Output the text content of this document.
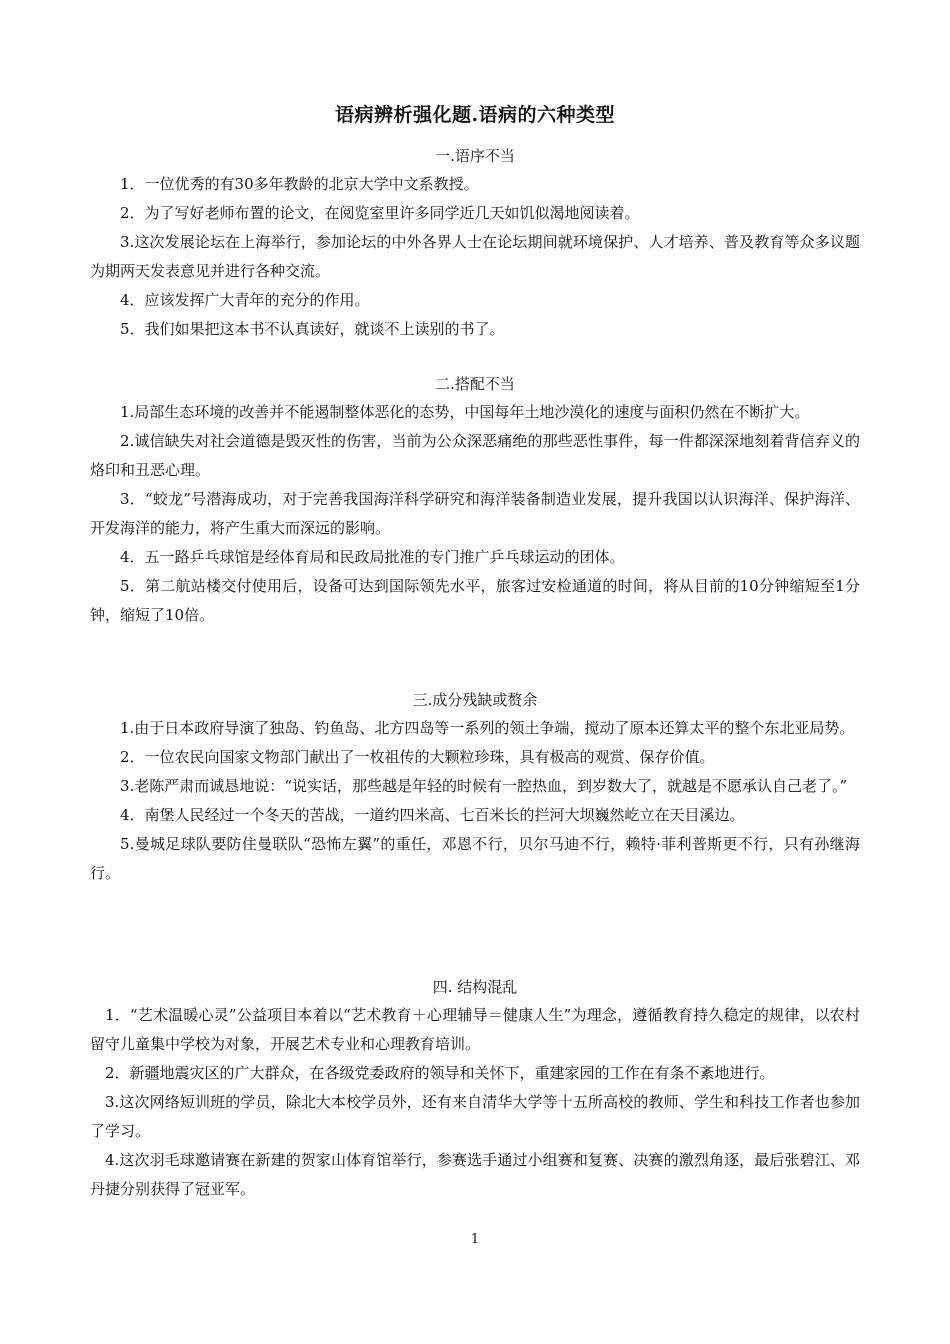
语病辨析强化题.语病的六种类型

一.语序不当

1．一位优秀的有30多年教龄的北京大学中文系教授。

2．为了写好老师布置的论文，在阅览室里许多同学近几天如饥似渴地阅读着。

3.这次发展论坛在上海举行，参加论坛的中外各界人士在论坛期间就环境保护、人才培养、普及教育等众多议题为期两天发表意见并进行各种交流。

4．应该发挥广大青年的充分的作用。

5．我们如果把这本书不认真读好，就谈不上读别的书了。

二.搭配不当

1.局部生态环境的改善并不能遏制整体恶化的态势，中国每年土地沙漠化的速度与面积仍然在不断扩大。

2.诚信缺失对社会道德是毁灭性的伤害，当前为公众深恶痛绝的那些恶性事件，每一件都深深地刻着背信弃义的烙印和丑恶心理。

3．“蛟龙”号潜海成功，对于完善我国海洋科学研究和海洋装备制造业发展，提升我国以认识海洋、保护海洋、开发海洋的能力，将产生重大而深远的影响。

4．五一路乒乓球馆是经体育局和民政局批准的专门推广乒乓球运动的团体。

5．第二航站楼交付使用后，设备可达到国际领先水平，旅客过安检通道的时间，将从目前的10分钟缩短至1分钟，缩短了10倍。

三.成分残缺或赘余

1.由于日本政府导演了独岛、钓鱼岛、北方四岛等一系列的领土争端，搅动了原本还算太平的整个东北亚局势。

2．一位农民向国家文物部门献出了一枚祖传的大颗粒珍珠，具有极高的观赏、保存价值。

3.老陈严肃而诚恳地说：“说实话，那些越是年轻的时候有一腔热血，到岁数大了，就越是不愿承认自己老了。”

4．南堡人民经过一个冬天的苦战，一道约四米高、七百米长的拦河大坝巍然屹立在天目溪边。

5.曼城足球队要防住曼联队“恐怖左翼”的重任，邓恩不行，贝尔马迪不行，赖特·菲利普斯更不行，只有孙继海行。

四. 结构混乱

1．“艺术温暖心灵”公益项目本着以“艺术教育＋心理辅导＝健康人生”为理念，遵循教育持久稳定的规律，以农村留守儿童集中学校为对象，开展艺术专业和心理教育培训。

2．新疆地震灾区的广大群众，在各级党委政府的领导和关怀下，重建家园的工作在有条不紊地进行。

3.这次网络短训班的学员，除北大本校学员外，还有来自清华大学等十五所高校的教师、学生和科技工作者也参加了学习。

4.这次羽毛球邀请赛在新建的贺家山体育馆举行，参赛选手通过小组赛和复赛、决赛的激烈角逐，最后张碧江、邓丹捷分别获得了冠亚军。

1
